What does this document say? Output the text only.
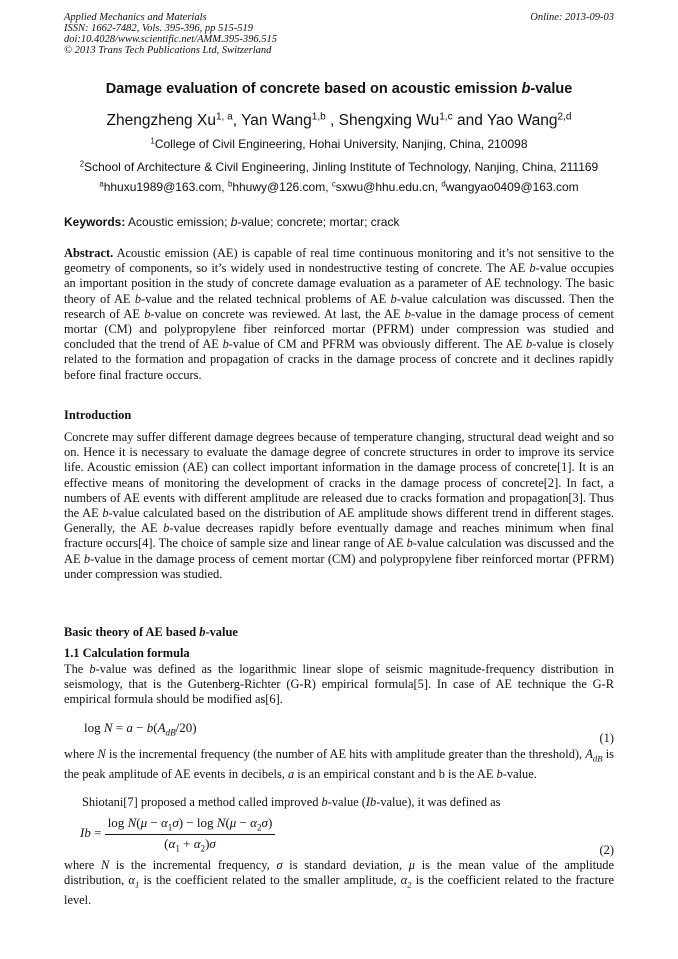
Applied Mechanics and Materials
ISSN: 1662-7482, Vols. 395-396, pp 515-519
doi:10.4028/www.scientific.net/AMM.395-396.515
© 2013 Trans Tech Publications Ltd, Switzerland
Online: 2013-09-03
Damage evaluation of concrete based on acoustic emission b-value
Zhengzheng Xu$^{1, a}$, Yan Wang$^{1,b}$ , Shengxing Wu$^{1,c}$ and Yao Wang$^{2,d}$
$^1$College of Civil Engineering, Hohai University, Nanjing, China, 210098
$^2$School of Architecture & Civil Engineering, Jinling Institute of Technology, Nanjing, China, 211169
$^a$hhuxu1989@163.com, $^b$hhuwy@126.com, $^c$sxwu@hhu.edu.cn, $^d$wangyao0409@163.com
Keywords: Acoustic emission; b-value; concrete; mortar; crack

Abstract. Acoustic emission (AE) is capable of real time continuous monitoring and it’s not sensitive to the geometry of components, so it’s widely used in nondestructive testing of concrete. The AE b-value occupies an important position in the study of concrete damage evaluation as a parameter of AE technology. The basic theory of AE b-value and the related technical problems of AE b-value calculation was discussed. Then the research of AE b-value on concrete was reviewed. At last, the AE b-value in the damage process of cement mortar (CM) and polypropylene fiber reinforced mortar (PFRM) under compression was studied and concluded that the trend of AE b-value of CM and PFRM was obviously different. The AE b-value is closely related to the formation and propagation of cracks in the damage process of concrete and it declines rapidly before final fracture occurs.

Introduction
Concrete may suffer different damage degrees because of temperature changing, structural dead weight and so on. Hence it is necessary to evaluate the damage degree of concrete structures in order to improve its service life. Acoustic emission (AE) can collect important information in the damage process of concrete[1]. It is an effective means of monitoring the development of cracks in the damage process of concrete[2]. In fact, a numbers of AE events with different amplitude are released due to cracks formation and propagation[3]. Thus the AE b-value calculated based on the distribution of AE amplitude shows different trend in different stages. Generally, the AE b-value decreases rapidly before eventually damage and reaches minimum when final fracture occurs[4]. The choice of sample size and linear range of AE b-value calculation was discussed and the AE b-value in the damage process of cement mortar (CM) and polypropylene fiber reinforced mortar (PFRM) under compression was studied.
Basic theory of AE based b-value
1.1 Calculation formula
The b-value was defined as the logarithmic linear slope of seismic magnitude-frequency distribution in seismology, that is the Gutenberg-Richter (G-R) empirical formula[5]. In case of AE technique the G-R empirical formula should be modified as[6].
$\log N = a - b(A_{dB}/20)$
(1)
where N is the incremental frequency (the number of AE hits with amplitude greater than the threshold), $A_{dB}$ is the peak amplitude of AE events in decibels, a is an empirical constant and b is the AE b-value.
Shiotani[7] proposed a method called improved b-value (Ib-value), it was defined as
$Ib = \frac{\log N(\mu - \alpha_1\sigma) - \log N(\mu - \alpha_2\sigma)}{(\alpha_1 + \alpha_2)\sigma}$	(2)
where N is the incremental frequency, σ is standard deviation, μ is the mean value of the amplitude distribution, $\alpha_1$ is the coefficient related to the smaller amplitude, $\alpha_2$ is the coefficient related to the fracture level.
